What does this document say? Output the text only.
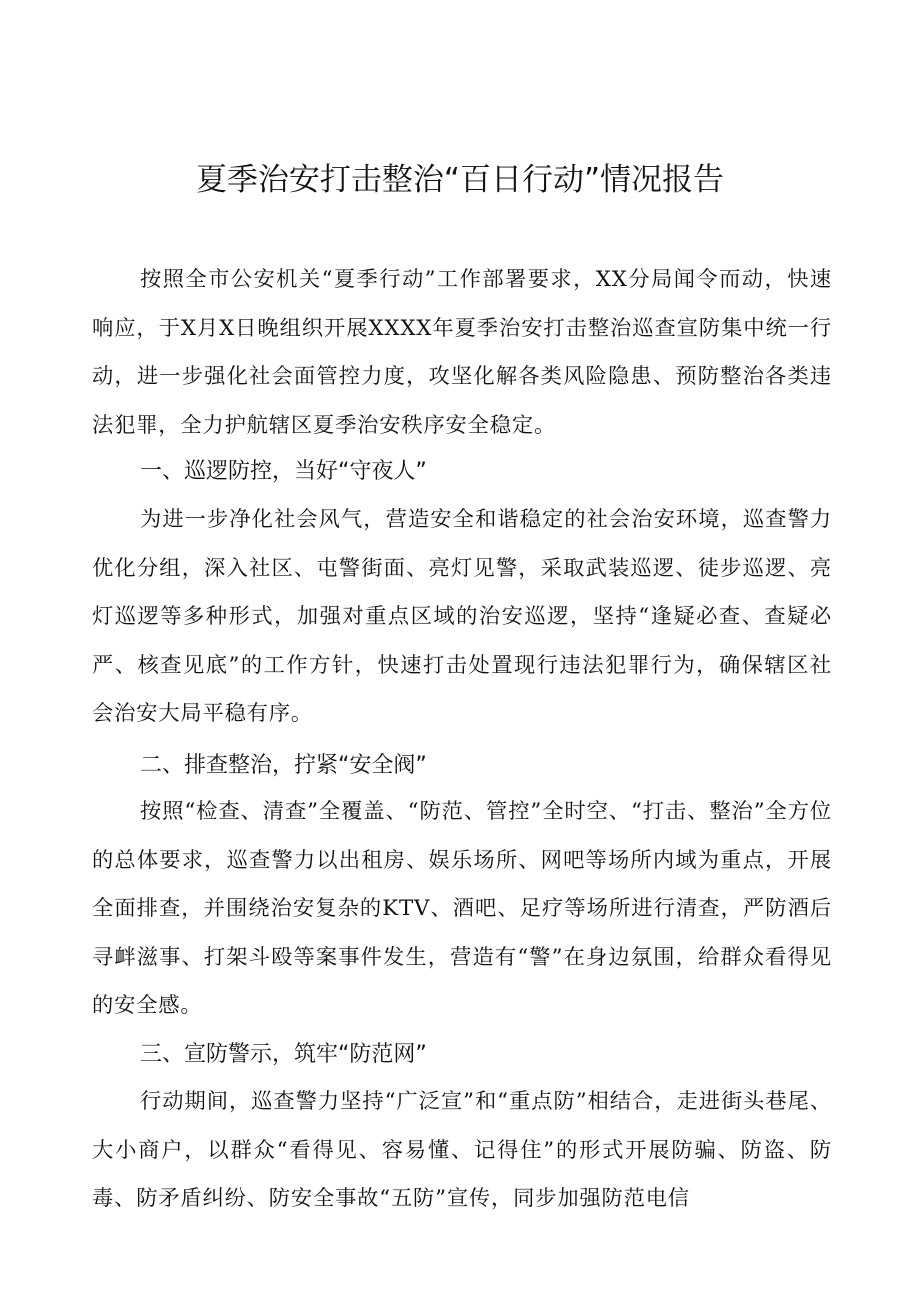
夏季治安打击整治“百日行动”情况报告
按照全市公安机关“夏季行动”工作部署要求，XX分局闻令而动，快速响应，于X月X日晚组织开展XXXX年夏季治安打击整治巡查宣防集中统一行动，进一步强化社会面管控力度，攻坚化解各类风险隐患、预防整治各类违法犯罪，全力护航辖区夏季治安秩序安全稳定。
一、巡逻防控，当好“守夜人”
为进一步净化社会风气，营造安全和谐稳定的社会治安环境，巡查警力优化分组，深入社区、屯警街面、亮灯见警，采取武装巡逻、徒步巡逻、亮灯巡逻等多种形式，加强对重点区域的治安巡逻，坚持“逢疑必查、查疑必严、核查见底”的工作方针，快速打击处置现行违法犯罪行为，确保辖区社会治安大局平稳有序。
二、排查整治，拧紧“安全阀”
按照“检查、清查”全覆盖、“防范、管控”全时空、“打击、整治”全方位的总体要求，巡查警力以出租房、娱乐场所、网吧等场所内域为重点，开展全面排查，并围绕治安复杂的KTV、酒吧、足疗等场所进行清查，严防酒后寻衅滋事、打架斗殴等案事件发生，营造有“警”在身边氛围，给群众看得见的安全感。
三、宣防警示，筑牢“防范网”
行动期间，巡查警力坚持“广泛宣”和“重点防”相结合，走进街头巷尾、大小商户，以群众“看得见、容易懂、记得住”的形式开展防骗、防盗、防毒、防矛盾纠纷、防安全事故“五防”宣传，同步加强防范电信
